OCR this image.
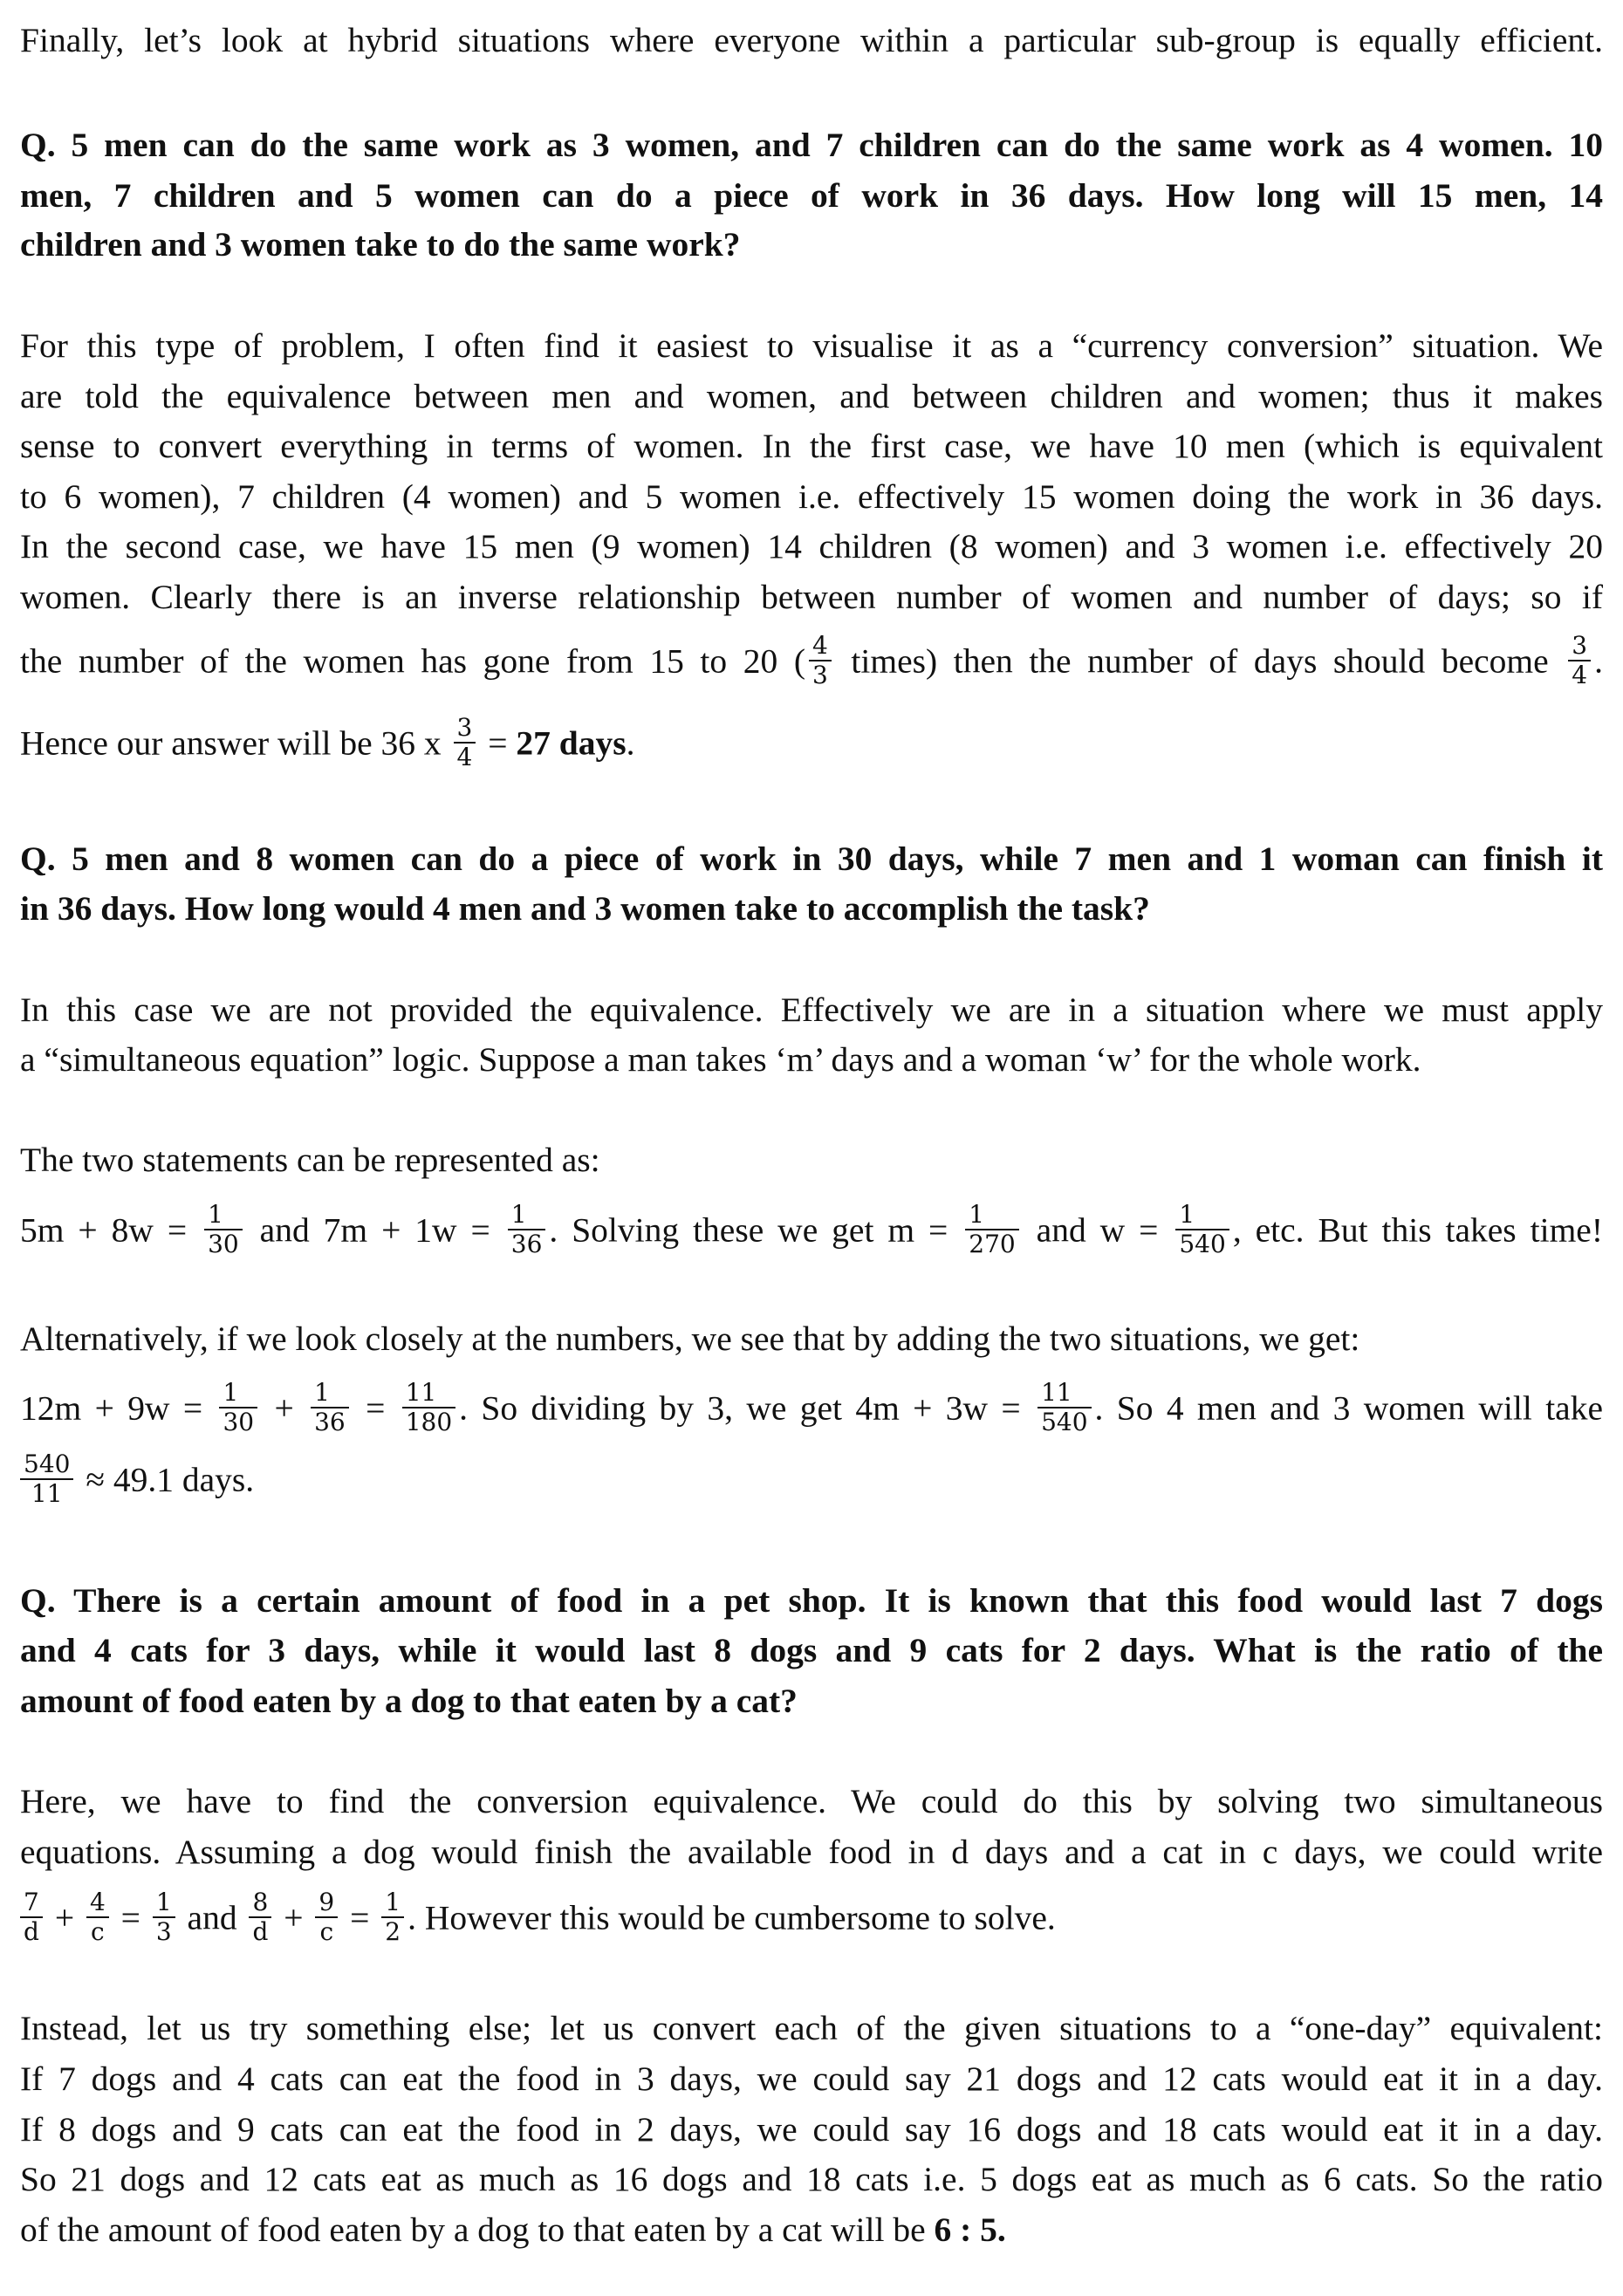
Finally, let’s look at hybrid situations where everyone within a particular sub-group is equally efficient.
Q. 5 men can do the same work as 3 women, and 7 children can do the same work as 4 women. 10
men, 7 children and 5 women can do a piece of work in 36 days. How long will 15 men, 14
children and 3 women take to do the same work?
For this type of problem, I often find it easiest to visualise it as a “currency conversion” situation. We
are told the equivalence between men and women, and between children and women; thus it makes
sense to convert everything in terms of women. In the first case, we have 10 men (which is equivalent
to 6 women), 7 children (4 women) and 5 women i.e. effectively 15 women doing the work in 36 days.
In the second case, we have 15 men (9 women) 14 children (8 women) and 3 women i.e. effectively 20
women. Clearly there is an inverse relationship between number of women and number of days; so if
the number of the women has gone from 15 to 20 ( $\frac{4}{3}$ times) then the number of days should become $\frac{3}{4}$ .
Hence our answer will be 36 x $\frac{3}{4} = 27$ days.
Q. 5 men and 8 women can do a piece of work in 30 days, while 7 men and 1 woman can finish it
in 36 days. How long would 4 men and 3 women take to accomplish the task?
In this case we are not provided the equivalence. Effectively we are in a situation where we must apply
a “simultaneous equation” logic. Suppose a man takes ‘m’ days and a woman ‘w’ for the whole work.
The two statements can be represented as:
$5m + 8w = \frac{1}{30}$ and $7m + 1w = \frac{1}{36}$ . Solving these we get $m = \frac{1}{270}$ and $w = \frac{1}{540}$ , etc. But this takes time!
Alternatively, if we look closely at the numbers, we see that by adding the two situations, we get:
$12m + 9w = \frac{1}{30} + \frac{1}{36} = \frac{11}{180}$ . So dividing by 3, we get $4m + 3w = \frac{11}{540}$ . So 4 men and 3 women will take
$\frac{540}{11} \approx 49.1$ days.
Q. There is a certain amount of food in a pet shop. It is known that this food would last 7 dogs
and 4 cats for 3 days, while it would last 8 dogs and 9 cats for 2 days. What is the ratio of the
amount of food eaten by a dog to that eaten by a cat?
Here, we have to find the conversion equivalence. We could do this by solving two simultaneous
equations. Assuming a dog would finish the available food in d days and a cat in c days, we could write
$\frac{7}{d} + \frac{4}{c} = \frac{1}{3}$ and $\frac{8}{d} + \frac{9}{c} = \frac{1}{2}$ . However this would be cumbersome to solve.
Instead, let us try something else; let us convert each of the given situations to a “one-day” equivalent:
If 7 dogs and 4 cats can eat the food in 3 days, we could say 21 dogs and 12 cats would eat it in a day.
If 8 dogs and 9 cats can eat the food in 2 days, we could say 16 dogs and 18 cats would eat it in a day.
So 21 dogs and 12 cats eat as much as 16 dogs and 18 cats i.e. 5 dogs eat as much as 6 cats. So the ratio
of the amount of food eaten by a dog to that eaten by a cat will be 6 : 5.
